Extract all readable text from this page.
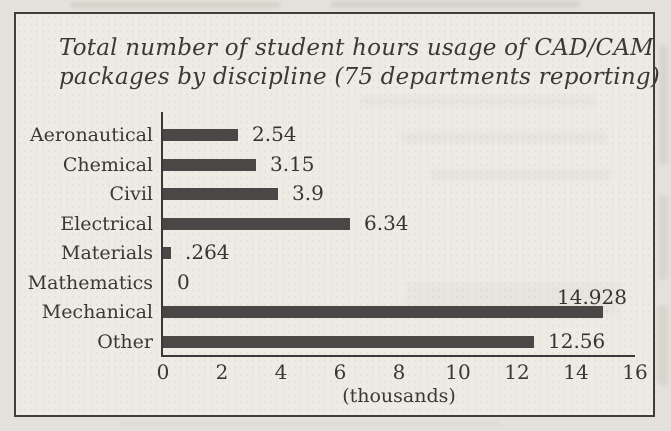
Total number of student hours usage of CAD/CAM
packages by discipline (75 departments reporting)
(thousands)
Aeronautical	2.54
Chemical	3.15
Civil	3.9
Electrical	6.34
Materials .264
Mathematics 0
Mechanical
14.928
Other	12.56
0 2 4 6 8 10 12 14 16
